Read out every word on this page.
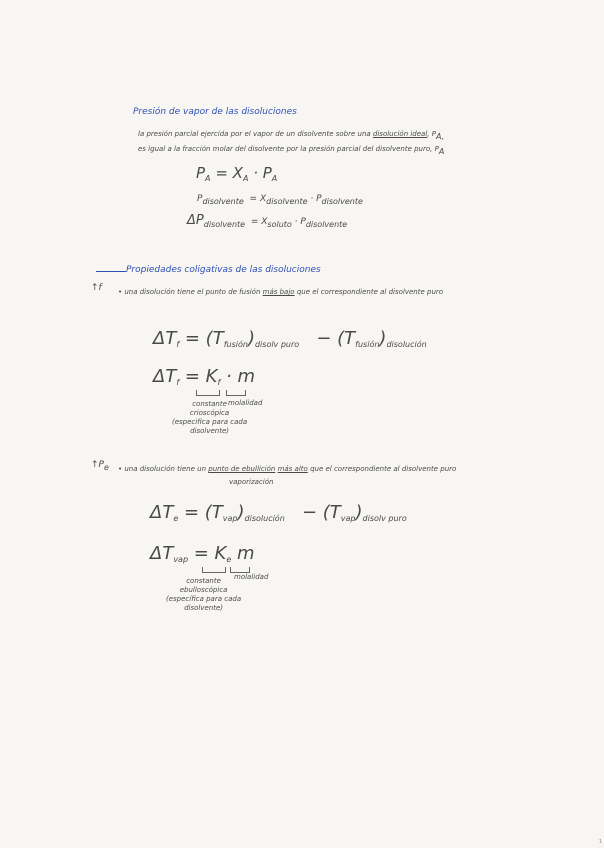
Presión de vapor de las disoluciones
la presión parcial ejercida por el vapor de un disolvente sobre una disolución ideal, PA,
es igual a la fracción molar del disolvente por la presión parcial del disolvente puro, PA
$P_A = X_A \cdot P_A$
Pdisolvente = Xdisolvente · Pdisolvente
ΔPdisolvente = Xsoluto · Pdisolvente
Propiedades coligativas de las disoluciones
↑f • una disolución tiene el punto de fusión más bajo que el correspondiente al disolvente puro
$\Delta T_f = (T_{fusión})_{disolv puro} - (T_{fusión})_{disolución}$
$\Delta T_f = K_f \cdot m$
constante
crioscópica
(especifica para cada
disolvente)
molalidad
↑Pe • una disolución tiene un punto de ebullición más alto que el correspondiente al disolvente puro
vaporización
$\Delta T_e = (T_{vap})_{disolución} - (T_{vap})_{disolv puro}$
$\Delta T_{vap} = K_e$ m
constante
ebulloscópica
(específica para cada
disolvente)
molalidad
1
